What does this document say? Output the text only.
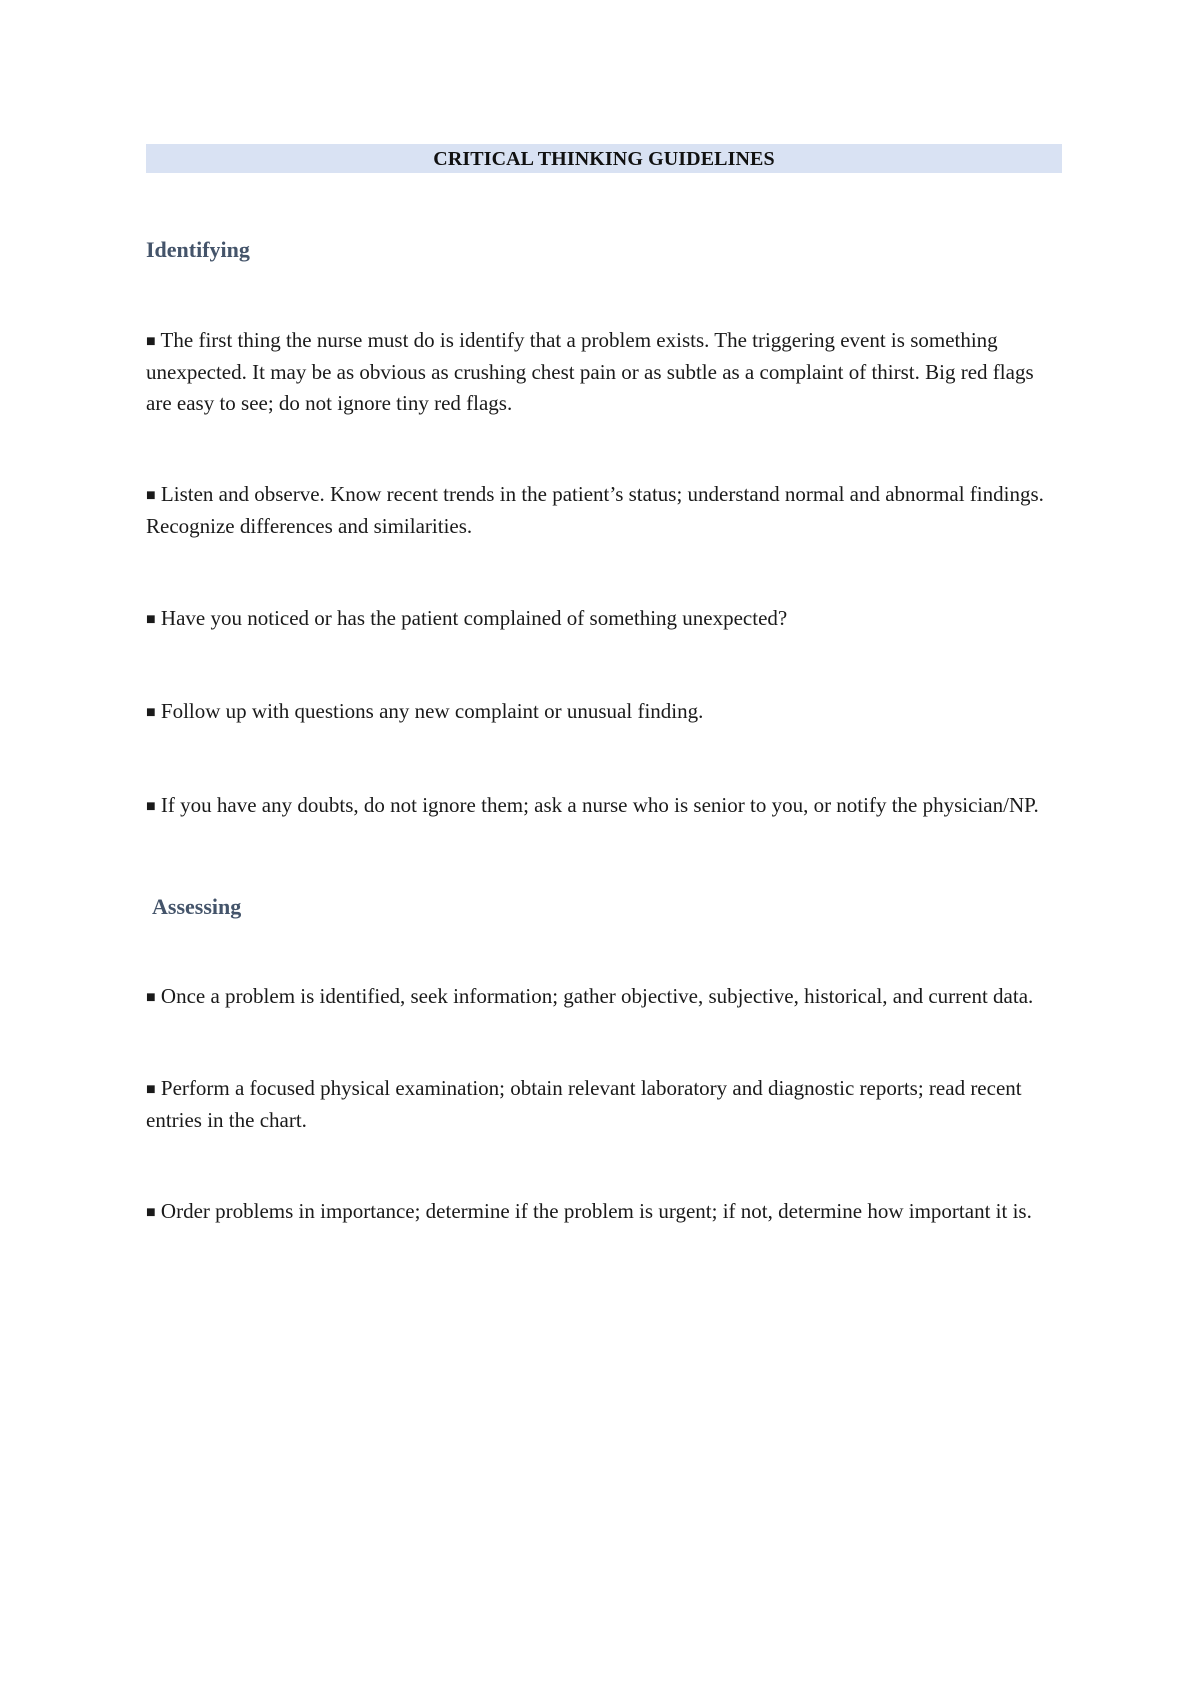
CRITICAL THINKING GUIDELINES
Identifying

■ The first thing the nurse must do is identify that a problem exists. The triggering event is something unexpected. It may be as obvious as crushing chest pain or as subtle as a complaint of thirst. Big red flags are easy to see; do not ignore tiny red flags.

■ Listen and observe. Know recent trends in the patient’s status; understand normal and abnormal findings. Recognize differences and similarities.

■ Have you noticed or has the patient complained of something unexpected?

■ Follow up with questions any new complaint or unusual finding.

■ If you have any doubts, do not ignore them; ask a nurse who is senior to you, or notify the physician/NP.

Assessing

■ Once a problem is identified, seek information; gather objective, subjective, historical, and current data.

■ Perform a focused physical examination; obtain relevant laboratory and diagnostic reports; read recent entries in the chart.

■ Order problems in importance; determine if the problem is urgent; if not, determine how important it is.
